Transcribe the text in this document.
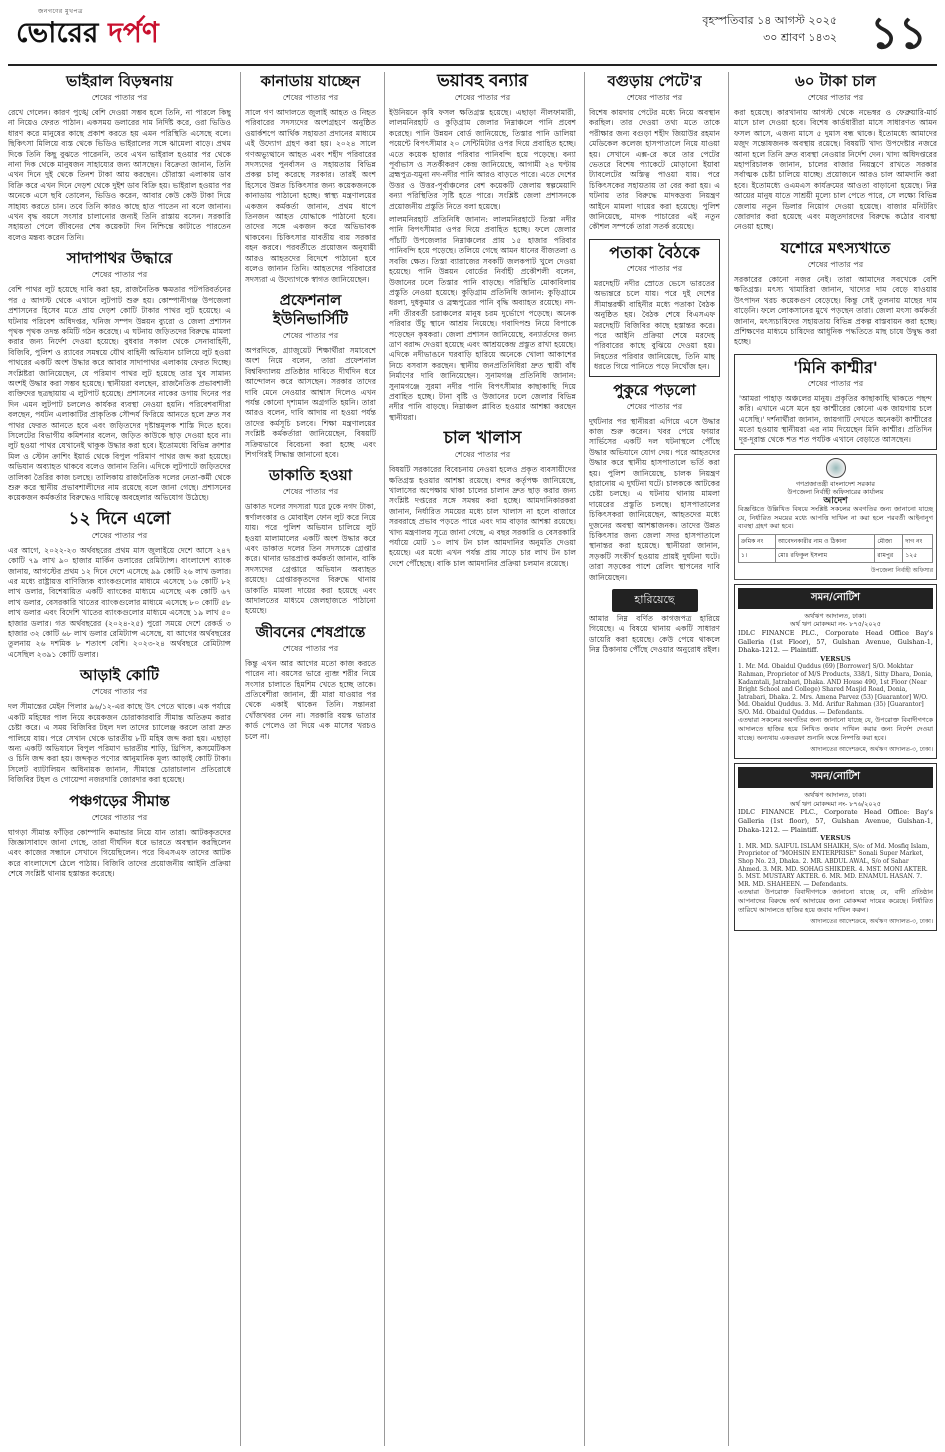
জনগণের মুখপত্র
ভোরের দর্পণ	বৃহস্পতিবার ১৪ আগস্ট ২০২৫
৩০ শ্রাবণ ১৪৩২ ১১
ভাইরাল বিড়ম্বনায়
শেষের পাতার পর
রেখে গেলেন। কারণ পুঙ্খে বেশি দেওয়া সম্ভব হলে তিনি, না পারলে কিছু না নিয়েও ফেরত পাঠান। একসময় ডলারের দাম নির্দিষ্ট করে, ওরা ভিডিও ধারণ করে মানুষের কাছে প্রকাশ করতে হয় এমন পরিস্থিতি এসেছে বলে। ছিকিৎসা মিলিয়ে ব্যস্ত থেকে ভিডিও ভাইরালের সঙ্গে ঝামেলা বাড়ে। প্রথম দিকে তিনি কিছু বুঝতে পারেননি, তবে এখন ভাইরাল হওয়ার পর থেকে নানা দিক থেকে মানুষজন সাহায্যের জন্য আসছেন। বিক্রেতা জানান, তিনি এখন দিনে দুই থেকে তিনশ টাকা আয় করছেন। চৌরাস্তা এলাকায় ডাব বিক্রি করে এখন দিনে দেড়শ থেকে দুইশ ডাব বিক্রি হয়। ভাইরাল হওয়ার পর অনেকে এসে ছবি তোলেন, ভিডিও করেন, আবার কেউ কেউ টাকা দিয়ে সাহায্য করতে চান। তবে তিনি কারও কাছে হাত পাতেন না বলে জানান। এখন বৃদ্ধ বয়সে সংসার চালানোর জন্যই তিনি রাস্তায় বসেন। সরকারি সহায়তা পেলে জীবনের শেষ কয়েকটা দিন নিশ্চিন্তে কাটাতে পারতেন বলেও মন্তব্য করেন তিনি।
সাদাপাথর উদ্ধারে
শেষের পাতার পর
বেশি পাথর লুট হয়েছে দাবি করা হয়, রাজনৈতিক ক্ষমতার পটপরিবর্তনের পর ৫ আগস্ট থেকে এখানে লুটপাট শুরু হয়। কোম্পানীগঞ্জ উপজেলা প্রশাসনের হিসেব মতে প্রায় দেড়শ কোটি টাকার পাথর লুট হয়েছে। এ ঘটনায় পরিবেশ অধিদপ্তর, খনিজ সম্পদ উন্নয়ন ব্যুরো ও জেলা প্রশাসন পৃথক পৃথক তদন্ত কমিটি গঠন করেছে। এ ঘটনায় জড়িতদের বিরুদ্ধে মামলা করার জন্য নির্দেশ দেওয়া হয়েছে। বুধবার সকাল থেকে সেনাবাহিনী, বিজিবি, পুলিশ ও র‍্যাবের সমন্বয়ে যৌথ বাহিনী অভিযান চালিয়ে লুট হওয়া পাথরের একটি অংশ উদ্ধার করে আবার সাদাপাথর এলাকায় ফেরত দিচ্ছে। সংশ্লিষ্টরা জানিয়েছেন, যে পরিমাণ পাথর লুট হয়েছে তার খুব সামান্য অংশই উদ্ধার করা সম্ভব হয়েছে। স্থানীয়রা বলছেন, রাজনৈতিক প্রভাবশালী ব্যক্তিদের ছত্রছায়ায় এ লুটপাট হয়েছে। প্রশাসনের নাকের ডগায় দিনের পর দিন এমন লুটপাট চললেও কার্যকর ব্যবস্থা নেওয়া হয়নি। পরিবেশবাদীরা বলছেন, পর্যটন এলাকাটির প্রাকৃতিক সৌন্দর্য ফিরিয়ে আনতে হলে দ্রুত সব পাথর ফেরত আনতে হবে এবং জড়িতদের দৃষ্টান্তমূলক শাস্তি দিতে হবে। সিলেটের বিভাগীয় কমিশনার বলেন, জড়িত কাউকে ছাড় দেওয়া হবে না। লুট হওয়া পাথর যেখানেই থাকুক উদ্ধার করা হবে। ইতোমধ্যে বিভিন্ন ক্রাশার মিল ও স্টোন ক্রাশিং ইয়ার্ড থেকে বিপুল পরিমাণ পাথর জব্দ করা হয়েছে। অভিযান অব্যাহত থাকবে বলেও জানান তিনি। এদিকে লুটপাটে জড়িতদের তালিকা তৈরির কাজ চলছে। তালিকায় রাজনৈতিক দলের নেতা-কর্মী থেকে শুরু করে স্থানীয় প্রভাবশালীদের নাম রয়েছে বলে জানা গেছে। প্রশাসনের কয়েকজন কর্মকর্তার বিরুদ্ধেও দায়িত্বে অবহেলার অভিযোগ উঠেছে।
১২ দিনে এলো
শেষের পাতার পর
এর আগে, ২০২২-২৩ অর্থবছরের প্রথম মাস জুলাইয়ে দেশে আসে ২৪৭ কোটি ৭৯ লাখ ৯০ হাজার মার্কিন ডলারের রেমিট্যান্স। বাংলাদেশ ব্যাংক জানায়, আগস্টের প্রথম ১২ দিনে দেশে এসেছে ৯৯ কোটি ২৬ লাখ ডলার। এর মধ্যে রাষ্ট্রায়ত্ত বাণিজ্যিক ব্যাংকগুলোর মাধ্যমে এসেছে ১৬ কোটি ৮২ লাখ ডলার, বিশেষায়িত একটি ব্যাংকের মাধ্যমে এসেছে এক কোটি ৬৭ লাখ ডলার, বেসরকারি খাতের ব্যাংকগুলোর মাধ্যমে এসেছে ৮০ কোটি ৫৮ লাখ ডলার এবং বিদেশি খাতের ব্যাংকগুলোর মাধ্যমে এসেছে ১৯ লাখ ৫০ হাজার ডলার। গত অর্থবছরের (২০২৪-২৫) পুরো সময়ে দেশে রেকর্ড ৩ হাজার ৩২ কোটি ৬৮ লাখ ডলার রেমিট্যান্স এসেছে, যা আগের অর্থবছরের তুলনায় ২৬ দশমিক ৮ শতাংশ বেশি। ২০২৩-২৪ অর্থবছরে রেমিট্যান্স এসেছিল ২৩৯১ কোটি ডলার।
আড়াই কোটি
শেষের পাতার পর
দল সীমান্তের মেইন পিলার ৯৬/১২-এর কাছে উৎ পেতে থাকে। এক পর্যায়ে একটি মহিষের পাল নিয়ে কয়েকজন চোরাকারবারি সীমান্ত অতিক্রম করার চেষ্টা করে। এ সময় বিজিবির টহল দল তাদের চ্যালেঞ্জ করলে তারা দ্রুত পালিয়ে যায়। পরে সেখান থেকে ভারতীয় ৮টি মহিষ জব্দ করা হয়। এছাড়া অন্য একটি অভিযানে বিপুল পরিমাণ ভারতীয় শাড়ি, থ্রিপিস, কসমেটিকস ও চিনি জব্দ করা হয়। জব্দকৃত পণ্যের আনুমানিক মূল্য আড়াই কোটি টাকা। সিলেট ব্যাটালিয়ন অধিনায়ক জানান, সীমান্তে চোরাচালান প্রতিরোধে বিজিবির টহল ও গোয়েন্দা নজরদারি জোরদার করা হয়েছে।
পঞ্চগড়ের সীমান্ত
শেষের পাতার পর
ঘাগড়া সীমান্ত ফাঁড়ির কোম্পানি কমান্ডার নিয়ে যান তারা। আটককৃতদের জিজ্ঞাসাবাদে জানা গেছে, তারা দীর্ঘদিন ধরে ভারতে অবস্থান করছিলেন এবং কাজের সন্ধানে সেখানে গিয়েছিলেন। পরে বিএসএফ তাদের আটক করে বাংলাদেশে ঠেলে পাঠায়। বিজিবি তাদের প্রয়োজনীয় আইনি প্রক্রিয়া শেষে সংশ্লিষ্ট থানায় হস্তান্তর করেছে।
কানাডায় যাচ্ছেন
শেষের পাতার পর
সালে গণ আদালতে জুলাই আহত ও নিহত পরিবারের সদস্যদের অংশগ্রহণে অনুষ্ঠিত ওয়ার্কশপে আর্থিক সহায়তা প্রদানের মাধ্যমে এই উদ্যোগ গ্রহণ করা হয়। ২০২৪ সালে গণঅভ্যুত্থানে আহত এবং শহীদ পরিবারের সদস্যদের পুনর্বাসন ও সহায়তায় বিভিন্ন প্রকল্প চালু করেছে সরকার। তারই অংশ হিসেবে উন্নত চিকিৎসার জন্য কয়েকজনকে কানাডায় পাঠানো হচ্ছে। স্বাস্থ্য মন্ত্রণালয়ের একজন কর্মকর্তা জানান, প্রথম ধাপে তিনজন আহত যোদ্ধাকে পাঠানো হবে। তাদের সঙ্গে একজন করে অভিভাবক থাকবেন। চিকিৎসার যাবতীয় ব্যয় সরকার বহন করবে। পরবর্তীতে প্রয়োজন অনুযায়ী আরও আহতদের বিদেশে পাঠানো হবে বলেও জানান তিনি। আহতদের পরিবারের সদস্যরা এ উদ্যোগকে স্বাগত জানিয়েছেন।
প্রফেশনাল ইউনিভার্সিটি
শেষের পাতার পর
অপরদিকে, গ্র্যাজুয়েট শিক্ষার্থীরা সমাবেশে অংশ নিয়ে বলেন, তারা প্রফেশনাল বিশ্ববিদ্যালয় প্রতিষ্ঠার দাবিতে দীর্ঘদিন ধরে আন্দোলন করে আসছেন। সরকার তাদের দাবি মেনে নেওয়ার আশ্বাস দিলেও এখন পর্যন্ত কোনো দৃশ্যমান অগ্রগতি হয়নি। তারা আরও বলেন, দাবি আদায় না হওয়া পর্যন্ত তাদের কর্মসূচি চলবে। শিক্ষা মন্ত্রণালয়ের সংশ্লিষ্ট কর্মকর্তারা জানিয়েছেন, বিষয়টি সক্রিয়ভাবে বিবেচনা করা হচ্ছে এবং শিগগিরই সিদ্ধান্ত জানানো হবে।
ডাকাতি হওয়া
শেষের পাতার পর
ডাকাত দলের সদস্যরা ঘরে ঢুকে নগদ টাকা, স্বর্ণালংকার ও মোবাইল ফোন লুট করে নিয়ে যায়। পরে পুলিশ অভিযান চালিয়ে লুট হওয়া মালামালের একটি অংশ উদ্ধার করে এবং ডাকাত দলের তিন সদস্যকে গ্রেপ্তার করে। থানার ভারপ্রাপ্ত কর্মকর্তা জানান, বাকি সদস্যদের গ্রেপ্তারে অভিযান অব্যাহত রয়েছে। গ্রেপ্তারকৃতদের বিরুদ্ধে থানায় ডাকাতি মামলা দায়ের করা হয়েছে এবং আদালতের মাধ্যমে জেলহাজতে পাঠানো হয়েছে।
জীবনের শেষপ্রান্তে
শেষের পাতার পর
কিন্তু এখন আর আগের মতো কাজ করতে পারেন না। বয়সের ভারে ন্যুব্জ শরীর নিয়ে সংসার চালাতে হিমশিম খেতে হচ্ছে তাকে। প্রতিবেশীরা জানান, স্ত্রী মারা যাওয়ার পর থেকে একাই থাকেন তিনি। সন্তানরা খোঁজখবর নেন না। সরকারি বয়স্ক ভাতার কার্ড পেলেও তা দিয়ে এক মাসের খরচও চলে না।
ভয়াবহ বন্যার
শেষের পাতার পর
ইউনিয়নে কৃষি ফসল ক্ষতিগ্রস্ত হয়েছে। এছাড়া নীলফামারী, লালমনিরহাট ও কুড়িগ্রাম জেলার নিম্নাঞ্চলে পানি প্রবেশ করেছে। পানি উন্নয়ন বোর্ড জানিয়েছে, তিস্তার পানি ডালিয়া পয়েন্টে বিপৎসীমার ২০ সেন্টিমিটার ওপর দিয়ে প্রবাহিত হচ্ছে। এতে কয়েক হাজার পরিবার পানিবন্দি হয়ে পড়েছে। বন্যা পূর্বাভাস ও সতর্কীকরণ কেন্দ্র জানিয়েছে, আগামী ২৪ ঘণ্টায় ব্রহ্মপুত্র-যমুনা নদ-নদীর পানি আরও বাড়তে পারে। এতে দেশের উত্তর ও উত্তর-পূর্বাঞ্চলের বেশ কয়েকটি জেলায় স্বল্পমেয়াদি বন্যা পরিস্থিতির সৃষ্টি হতে পারে। সংশ্লিষ্ট জেলা প্রশাসনকে প্রয়োজনীয় প্রস্তুতি নিতে বলা হয়েছে।
লালমনিরহাট প্রতিনিধি জানান: লালমনিরহাটে তিস্তা নদীর পানি বিপৎসীমার ওপর দিয়ে প্রবাহিত হচ্ছে। ফলে জেলার পাঁচটি উপজেলার নিম্নাঞ্চলের প্রায় ১৫ হাজার পরিবার পানিবন্দি হয়ে পড়েছে। তলিয়ে গেছে আমন ধানের বীজতলা ও সবজি ক্ষেত। তিস্তা ব্যারাজের সবকটি জলকপাট খুলে দেওয়া হয়েছে। পানি উন্নয়ন বোর্ডের নির্বাহী প্রকৌশলী বলেন, উজানের ঢলে তিস্তার পানি বাড়ছে। পরিস্থিতি মোকাবিলায় প্রস্তুতি নেওয়া হয়েছে। কুড়িগ্রাম প্রতিনিধি জানান: কুড়িগ্রামে ধরলা, দুধকুমার ও ব্রহ্মপুত্রের পানি বৃদ্ধি অব্যাহত রয়েছে। নদ-নদী তীরবর্তী চরাঞ্চলের মানুষ চরম দুর্ভোগে পড়েছে। অনেক পরিবার উঁচু স্থানে আশ্রয় নিয়েছে। গবাদিপশু নিয়ে বিপাকে পড়েছেন কৃষকরা। জেলা প্রশাসন জানিয়েছে, বন্যার্তদের জন্য ত্রাণ বরাদ্দ দেওয়া হয়েছে এবং আশ্রয়কেন্দ্র প্রস্তুত রাখা হয়েছে। এদিকে নদীভাঙনে ঘরবাড়ি হারিয়ে অনেকে খোলা আকাশের নিচে বসবাস করছেন। স্থানীয় জনপ্রতিনিধিরা দ্রুত স্থায়ী বাঁধ নির্মাণের দাবি জানিয়েছেন। সুনামগঞ্জ প্রতিনিধি জানান: সুনামগঞ্জে সুরমা নদীর পানি বিপৎসীমার কাছাকাছি দিয়ে প্রবাহিত হচ্ছে। টানা বৃষ্টি ও উজানের ঢলে জেলার বিভিন্ন নদীর পানি বাড়ছে। নিম্নাঞ্চল প্লাবিত হওয়ার আশঙ্কা করছেন স্থানীয়রা।
চাল খালাস
শেষের পাতার পর
বিষয়টি সরকারের বিবেচনায় নেওয়া হলেও প্রকৃত ব্যবসায়ীদের ক্ষতিগ্রস্ত হওয়ার আশঙ্কা রয়েছে। বন্দর কর্তৃপক্ষ জানিয়েছে, খালাসের অপেক্ষায় থাকা চালের চালান দ্রুত ছাড় করার জন্য সংশ্লিষ্ট দপ্তরের সঙ্গে সমন্বয় করা হচ্ছে। আমদানিকারকরা জানান, নির্ধারিত সময়ের মধ্যে চাল খালাস না হলে বাজারে সরবরাহে প্রভাব পড়তে পারে এবং দাম বাড়ার আশঙ্কা রয়েছে। খাদ্য মন্ত্রণালয় সূত্রে জানা গেছে, এ বছর সরকারি ও বেসরকারি পর্যায়ে মোট ১০ লাখ টন চাল আমদানির অনুমতি দেওয়া হয়েছে। এর মধ্যে এখন পর্যন্ত প্রায় সাড়ে চার লাখ টন চাল দেশে পৌঁছেছে। বাকি চাল আমদানির প্রক্রিয়া চলমান রয়েছে।
বগুড়ায় পেটে'র
শেষের পাতার পর
বিশেষ কায়দায় পেটের মধ্যে নিয়ে অবস্থান করছিল। তার দেওয়া তথ্য মতে তাকে পরীক্ষার জন্য বগুড়া শহীদ জিয়াউর রহমান মেডিকেল কলেজ হাসপাতালে নিয়ে যাওয়া হয়। সেখানে এক্স-রে করে তার পেটের ভেতরে বিশেষ প্যাকেটে মোড়ানো ইয়াবা ট্যাবলেটের অস্তিত্ব পাওয়া যায়। পরে চিকিৎসকের সহায়তায় তা বের করা হয়। এ ঘটনায় তার বিরুদ্ধে মাদকদ্রব্য নিয়ন্ত্রণ আইনে মামলা দায়ের করা হয়েছে। পুলিশ জানিয়েছে, মাদক পাচারের এই নতুন কৌশল সম্পর্কে তারা সতর্ক রয়েছে।
পতাকা বৈঠকে
শেষের পাতার পর
মরদেহটি নদীর স্রোতে ভেসে ভারতের অভ্যন্তরে চলে যায়। পরে দুই দেশের সীমান্তরক্ষী বাহিনীর মধ্যে পতাকা বৈঠক অনুষ্ঠিত হয়। বৈঠক শেষে বিএসএফ মরদেহটি বিজিবির কাছে হস্তান্তর করে। পরে আইনি প্রক্রিয়া শেষে মরদেহ পরিবারের কাছে বুঝিয়ে দেওয়া হয়। নিহতের পরিবার জানিয়েছে, তিনি মাছ ধরতে গিয়ে পানিতে পড়ে নিখোঁজ হন।
পুকুরে পড়লো
শেষের পাতার পর
দুর্ঘটনার পর স্থানীয়রা এগিয়ে এসে উদ্ধার কাজ শুরু করেন। খবর পেয়ে ফায়ার সার্ভিসের একটি দল ঘটনাস্থলে পৌঁছে উদ্ধার অভিযানে যোগ দেয়। পরে আহতদের উদ্ধার করে স্থানীয় হাসপাতালে ভর্তি করা হয়। পুলিশ জানিয়েছে, চালক নিয়ন্ত্রণ হারানোয় এ দুর্ঘটনা ঘটে। চালককে আটকের চেষ্টা চলছে। এ ঘটনায় থানায় মামলা দায়েরের প্রস্তুতি চলছে। হাসপাতালের চিকিৎসকরা জানিয়েছেন, আহতদের মধ্যে দুজনের অবস্থা আশঙ্কাজনক। তাদের উন্নত চিকিৎসার জন্য জেলা সদর হাসপাতালে স্থানান্তর করা হয়েছে। স্থানীয়রা জানান, সড়কটি সংকীর্ণ হওয়ায় প্রায়ই দুর্ঘটনা ঘটে। তারা সড়কের পাশে রেলিং স্থাপনের দাবি জানিয়েছেন।
হারিয়েছে
আমার নিম্ন বর্ণিত কাগজপত্র হারিয়ে গিয়েছে। এ বিষয়ে থানায় একটি সাধারণ ডায়েরি করা হয়েছে। কেউ পেয়ে থাকলে নিম্ন ঠিকানায় পৌঁছে দেওয়ার অনুরোধ রইল।
৬০ টাকা চাল
শেষের পাতার পর
করা হয়েছে। কারখানায় আগস্ট থেকে নভেম্বর ও ফেব্রুয়ারি-মার্চ মাসে চাল দেওয়া হবে। বিশেষ কার্ডধারীরা মাসে সাধারণত আমন ফসল আসে, এজন্য মাসে ৫ দুমাস বন্ধ থাকে। ইতোমধ্যে আমাদের মজুদ সন্তোষজনক অবস্থায় রয়েছে। বিষয়টি খাদ্য উপদেষ্টার নজরে আনা হলে তিনি দ্রুত ব্যবস্থা নেওয়ার নির্দেশ দেন। খাদ্য অধিদপ্তরের মহাপরিচালক জানান, চালের বাজার নিয়ন্ত্রণে রাখতে সরকার সর্বাত্মক চেষ্টা চালিয়ে যাচ্ছে। প্রয়োজনে আরও চাল আমদানি করা হবে। ইতোমধ্যে ওএমএস কার্যক্রমের আওতা বাড়ানো হয়েছে। নিম্ন আয়ের মানুষ যাতে সাশ্রয়ী মূল্যে চাল পেতে পারে, সে লক্ষ্যে বিভিন্ন জেলায় নতুন ডিলার নিয়োগ দেওয়া হয়েছে। বাজার মনিটরিং জোরদার করা হয়েছে এবং মজুতদারদের বিরুদ্ধে কঠোর ব্যবস্থা নেওয়া হচ্ছে।
যশোরে মৎস্যখাতে
শেষের পাতার পর
সরকারের কোনো নজর নেই। তারা আমাদের সবখেকে বেশি ক্ষতিগ্রস্ত। মৎস্য খামারিরা জানান, খাদ্যের দাম বেড়ে যাওয়ায় উৎপাদন খরচ কয়েকগুণ বেড়েছে। কিন্তু সেই তুলনায় মাছের দাম বাড়েনি। ফলে লোকসানের মুখে পড়ছেন তারা। জেলা মৎস্য কর্মকর্তা জানান, মৎস্যচাষিদের সহায়তায় বিভিন্ন প্রকল্প বাস্তবায়ন করা হচ্ছে। প্রশিক্ষণের মাধ্যমে চাষিদের আধুনিক পদ্ধতিতে মাছ চাষে উদ্বুদ্ধ করা হচ্ছে।
'মিনি কাশ্মীর'
শেষের পাতার পর
'আমরা পাহাড় অঞ্চলের মানুষ। প্রকৃতির কাছাকাছি থাকতে পছন্দ করি। এখানে এসে মনে হয় কাশ্মীরের কোনো এক জায়গায় চলে এসেছি।' দর্শনার্থীরা জানান, জায়গাটি দেখতে অনেকটা কাশ্মীরের মতো হওয়ায় স্থানীয়রা এর নাম দিয়েছেন মিনি কাশ্মীর। প্রতিদিন দূর-দূরান্ত থেকে শত শত পর্যটক এখানে বেড়াতে আসছেন।
গণপ্রজাতন্ত্রী বাংলাদেশ সরকার
উপজেলা নির্বাহী অফিসারের কার্যালয়
আদেশ
বিজ্ঞপ্তিতে উল্লিখিত বিষয়ে সংশ্লিষ্ট সকলের অবগতির জন্য জানানো যাচ্ছে যে, নির্ধারিত সময়ের মধ্যে আপত্তি দাখিল না করা হলে পরবর্তী আইনানুগ ব্যবস্থা গ্রহণ করা হবে।
ক্রমিক নং	আবেদনকারীর নাম ও ঠিকানা	মৌজা	দাগ নং
১।	মোঃ রফিকুল ইসলাম	রামপুর	১২৫
উপজেলা নির্বাহী অফিসার
সমন/নোটিশ
অর্থঋণ আদালত, ঢাকা।
অর্থ ঋণ মোকদ্দমা নং- ৮৭৫/২০২৫
IDLC FINANCE PLC., Corporate Head Office Bay's Galleria (1st Floor), 57, Gulshan Avenue, Gulshan-1, Dhaka-1212. — Plaintiff.
VERSUS
1. Mr. Md. Obaidul Quddus (69) [Borrower] S/O. Mokhtar Rahman, Proprietor of M/S Products, 338/1, Sitty Dhara, Donia, Kadamtali, Jatrabari, Dhaka. AND House 490, 1st Floor (Near Bright School and College) Shared Masjid Road, Donia, Jatrabari, Dhaka. 2. Mrs. Amena Parvez (53) [Guarantor] W/O. Md. Obaidul Quddus. 3. Md. Arifur Rahman (35) [Guarantor] S/O. Md. Obaidul Quddus. — Defendants.
এতদ্বারা সকলের অবগতির জন্য জানানো যাচ্ছে যে, উপরোক্ত বিবাদীগণকে আদালতে হাজির হয়ে লিখিত জবাব দাখিল করার জন্য নির্দেশ দেওয়া যাচ্ছে। অন্যথায় একতরফা শুনানি অন্তে নিষ্পত্তি করা হবে।
আদালতের আদেশক্রমে, অর্থঋণ আদালত-৩, ঢাকা।
সমন/নোটিশ
অর্থঋণ আদালত, ঢাকা।
অর্থ ঋণ মোকদ্দমা নং- ৮৭৬/২০২৫
IDLC FINANCE PLC., Corporate Head Office: Bay's Galleria (1st floor), 57, Gulshan Avenue, Gulshan-1, Dhaka-1212. — Plaintiff.
VERSUS
1. MR. MD. SAIFUL ISLAM SHAIKH, S/o: of Md. Mosfiq Islam, Proprietor of "MOHSIN ENTERPRISE" Sonali Super Market, Shop No. 23, Dhaka. 2. MR. ABDUL AWAL, S/o of Sahar Ahmed. 3. MR. MD. SOHAG SHIKDER. 4. MST. MONI AKTER. 5. MST. MUSTARY AKTER. 6. MR. MD. ENAMUL HASAN. 7. MR. MD. SHAHEEN. — Defendants.
এতদ্বারা উপরোক্ত বিবাদীগণকে জানানো যাচ্ছে যে, বাদী প্রতিষ্ঠান আপনাদের বিরুদ্ধে অর্থ আদায়ের জন্য মোকদ্দমা দায়ের করেছে। নির্ধারিত তারিখে আদালতে হাজির হয়ে জবাব দাখিল করুন।
আদালতের আদেশক্রমে, অর্থঋণ আদালত-৩, ঢাকা।
